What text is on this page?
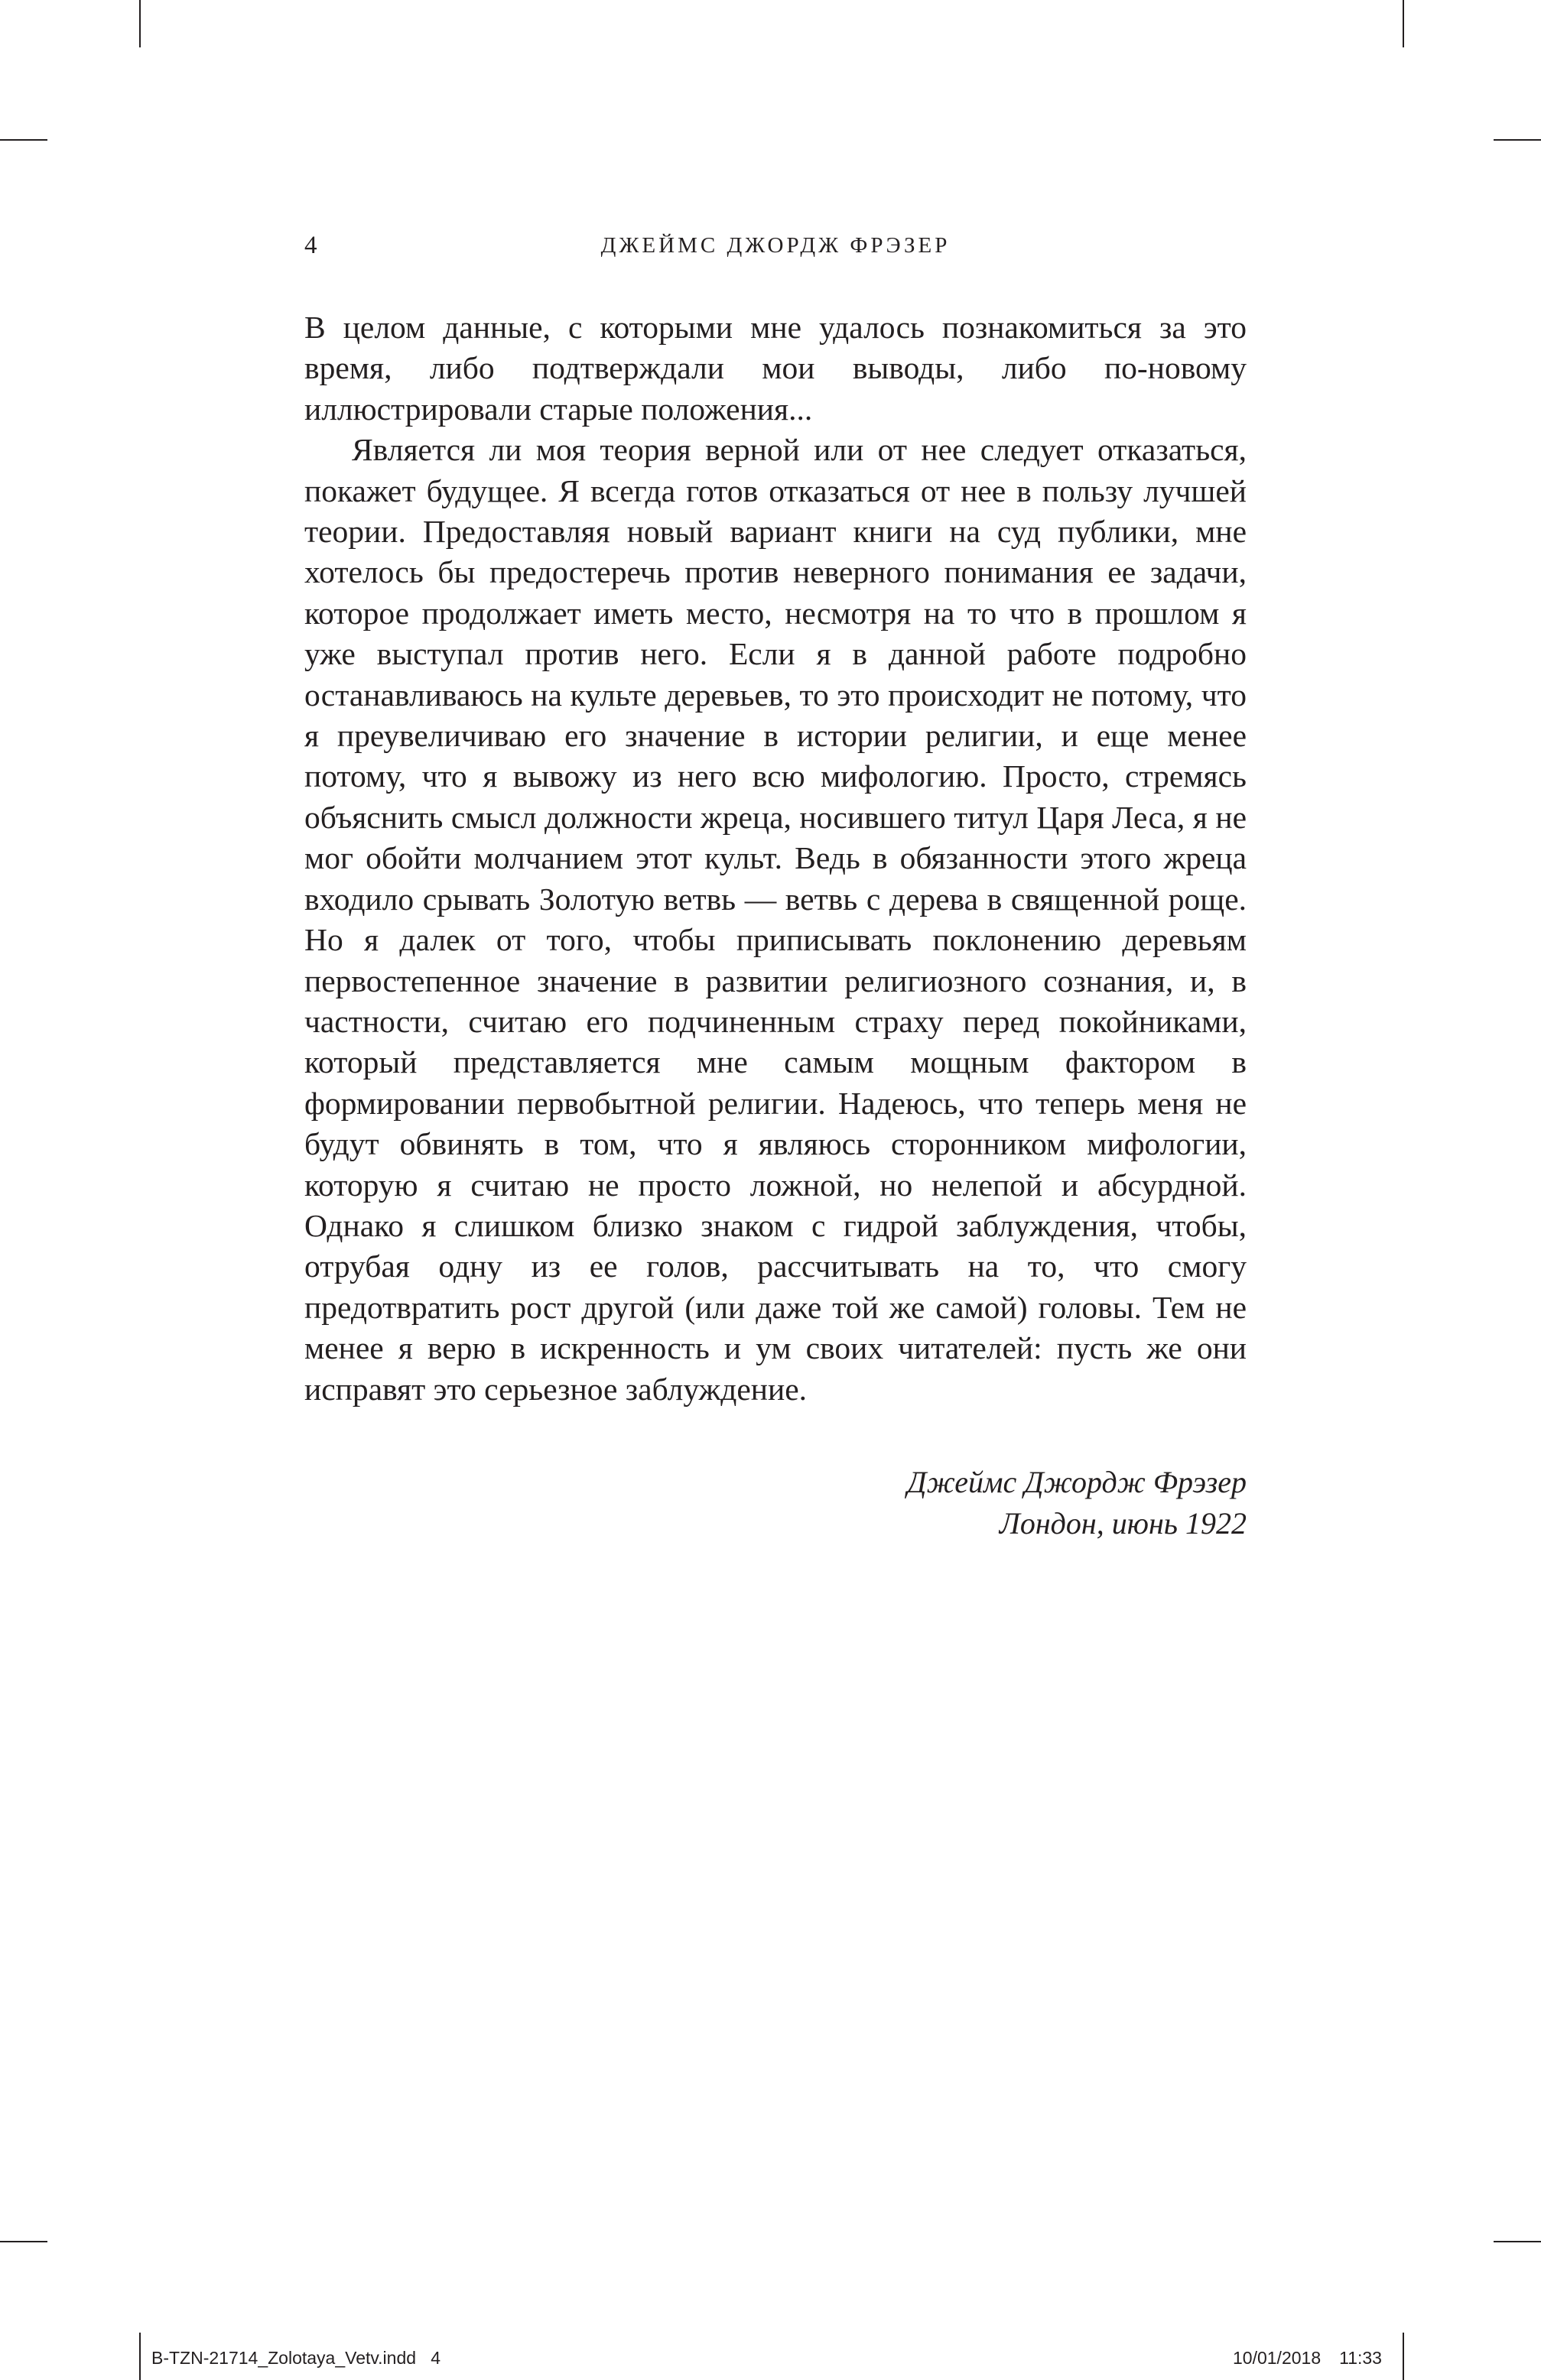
4	ДЖЕЙМС ДЖОРДЖ ФРЭЗЕР

В целом данные, с которыми мне удалось познакомиться за это время, либо подтверждали мои выводы, либо по-новому иллюстрировали старые положения...

Является ли моя теория верной или от нее следует отказаться, покажет будущее. Я всегда готов отказаться от нее в пользу лучшей теории. Предоставляя новый вариант книги на суд публики, мне хотелось бы предостеречь против неверного понимания ее задачи, которое продолжает иметь место, несмотря на то что в прошлом я уже выступал против него. Если я в данной работе подробно останавливаюсь на культе деревьев, то это происходит не потому, что я преувеличиваю его значение в истории религии, и еще менее потому, что я вывожу из него всю мифологию. Просто, стремясь объяснить смысл должности жреца, носившего титул Царя Леса, я не мог обойти молчанием этот культ. Ведь в обязанности этого жреца входило срывать Золотую ветвь — ветвь с дерева в священной роще. Но я далек от того, чтобы приписывать поклонению деревьям первостепенное значение в развитии религиозного сознания, и, в частности, считаю его подчиненным страху перед покойниками, который представляется мне самым мощным фактором в формировании первобытной религии. Надеюсь, что теперь меня не будут обвинять в том, что я являюсь сторонником мифологии, которую я считаю не просто ложной, но нелепой и абсурдной. Однако я слишком близко знаком с гидрой заблуждения, чтобы, отрубая одну из ее голов, рассчитывать на то, что смогу предотвратить рост другой (или даже той же самой) головы. Тем не менее я верю в искренность и ум своих читателей: пусть же они исправят это серьезное заблуждение.

Джеймс Джордж Фрэзер
Лондон, июнь 1922
B-TZN-21714_Zolotaya_Vetv.indd   4	10/01/2018 11:33
